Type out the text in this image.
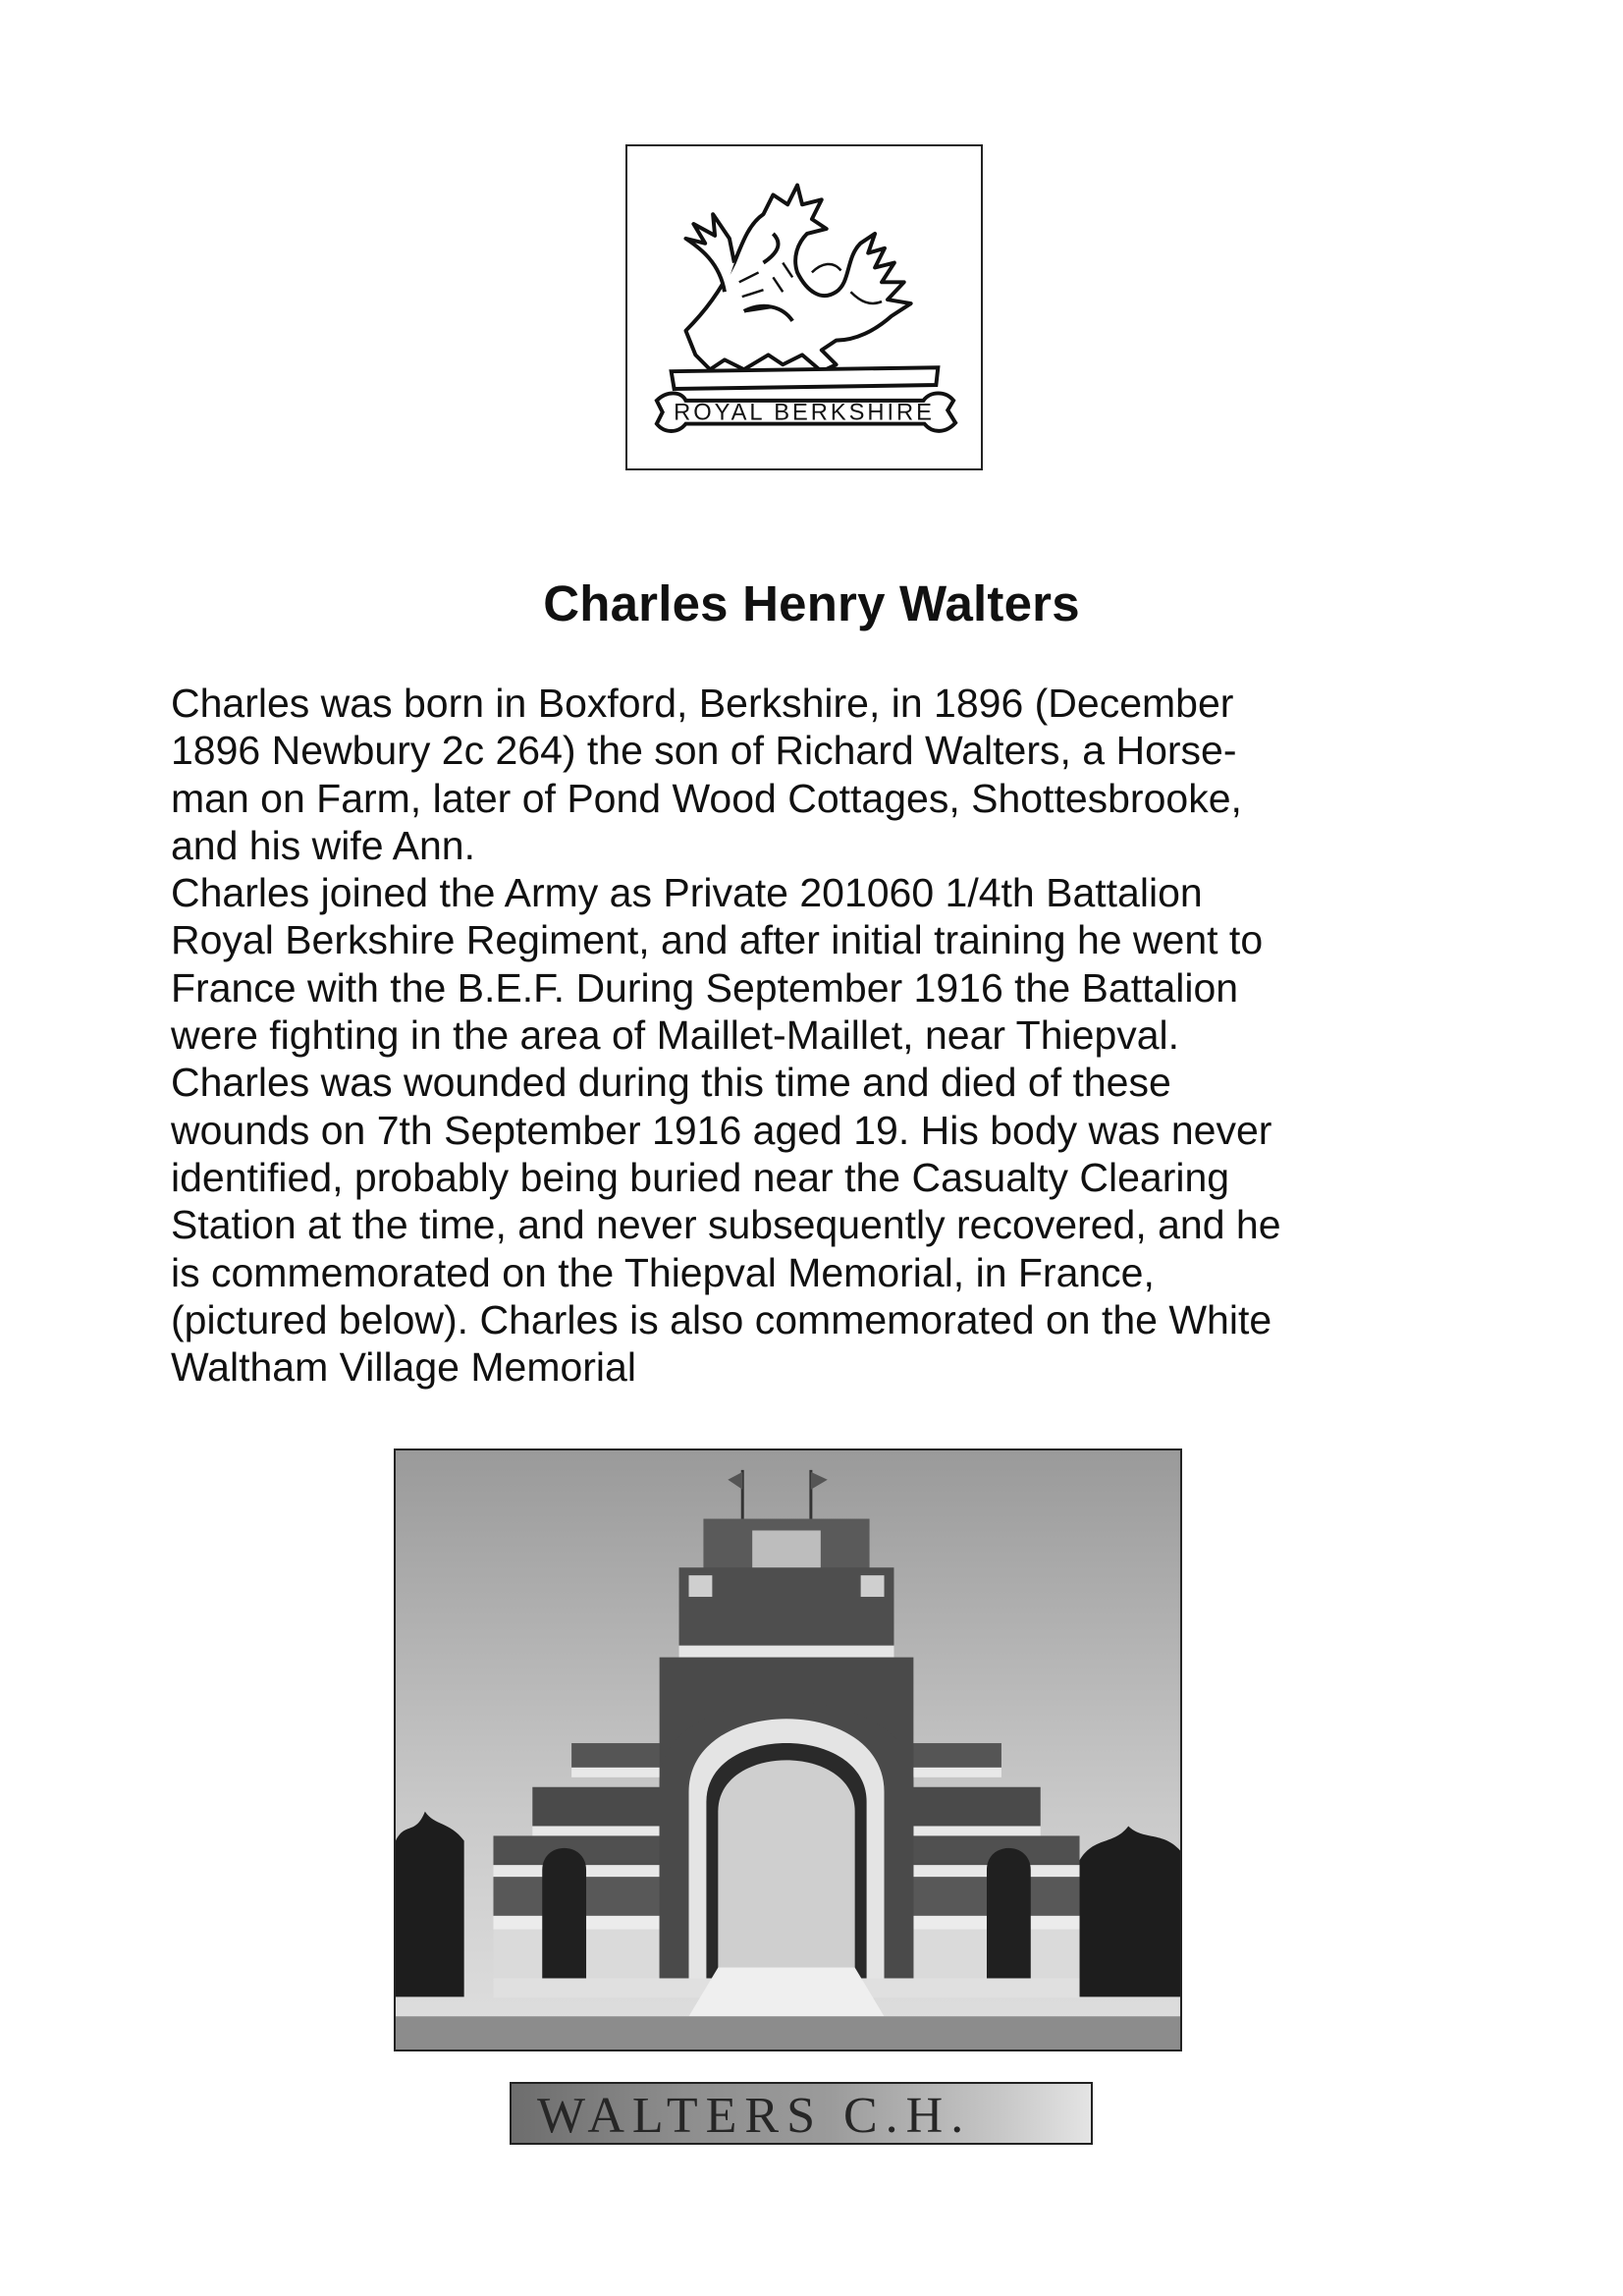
ROYAL BERKSHIRE
Charles Henry Walters
Charles was born in Boxford, Berkshire, in 1896 (December
1896 Newbury 2c 264) the son of Richard Walters, a Horse-
man on Farm, later of Pond Wood Cottages, Shottesbrooke,
and his wife Ann.
Charles joined the Army as Private 201060 1/4th Battalion
Royal Berkshire Regiment, and after initial training he went to
France with the B.E.F. During September 1916 the Battalion
were fighting in the area of Maillet-Maillet, near Thiepval.
Charles was wounded during this time and died of these
wounds on 7th September 1916 aged 19. His body was never
identified, probably being buried near the Casualty Clearing
Station at the time, and never subsequently recovered, and he
is commemorated on the Thiepval Memorial, in France,
(pictured below). Charles is also commemorated on the White
Waltham Village Memorial
WALTERS C.H.
